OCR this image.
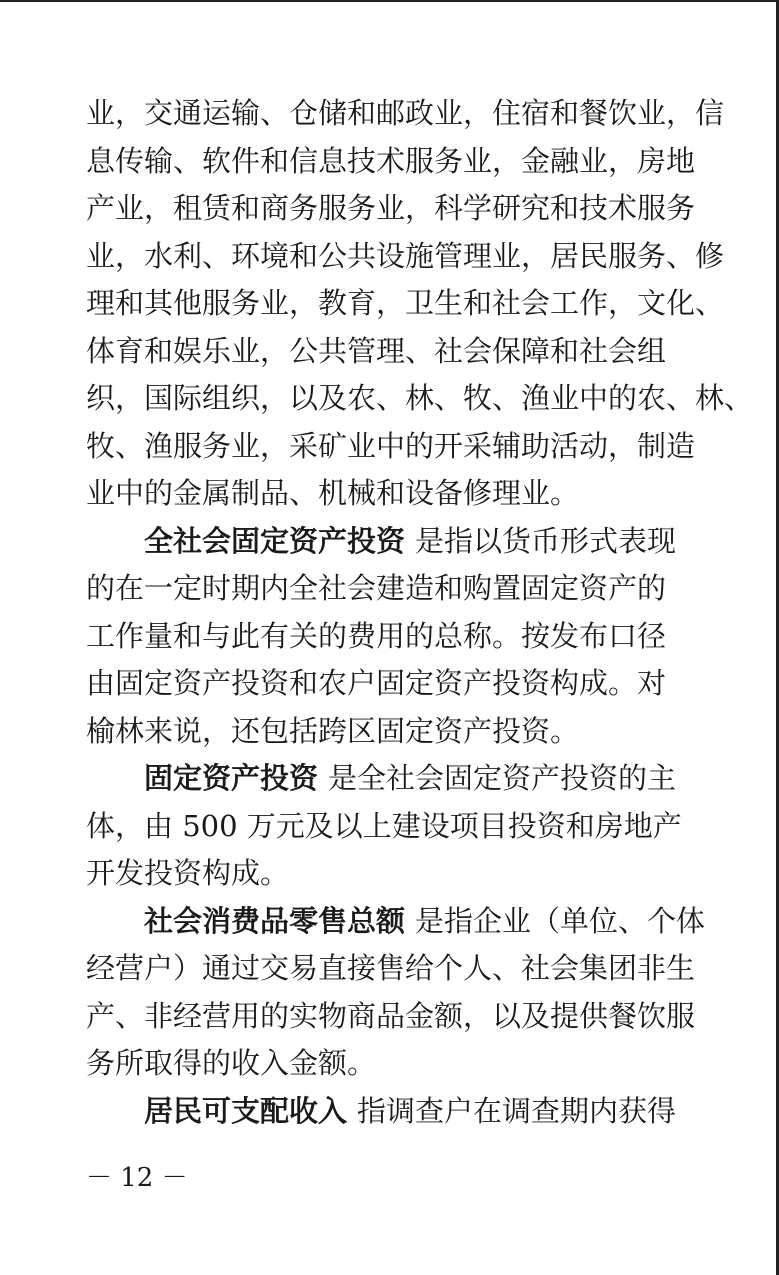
业，交通运输、仓储和邮政业，住宿和餐饮业，信
息传输、软件和信息技术服务业，金融业，房地
产业，租赁和商务服务业，科学研究和技术服务
业，水利、环境和公共设施管理业，居民服务、修
理和其他服务业，教育，卫生和社会工作，文化、
体育和娱乐业，公共管理、社会保障和社会组
织，国际组织，以及农、林、牧、渔业中的农、林、
牧、渔服务业，采矿业中的开采辅助活动，制造
业中的金属制品、机械和设备修理业。
全社会固定资产投资 是指以货币形式表现
的在一定时期内全社会建造和购置固定资产的
工作量和与此有关的费用的总称。按发布口径
由固定资产投资和农户固定资产投资构成。对
榆林来说，还包括跨区固定资产投资。
固定资产投资 是全社会固定资产投资的主
体，由 500 万元及以上建设项目投资和房地产
开发投资构成。
社会消费品零售总额 是指企业（单位、个体
经营户）通过交易直接售给个人、社会集团非生
产、非经营用的实物商品金额，以及提供餐饮服
务所取得的收入金额。
居民可支配收入 指调查户在调查期内获得
－ 12 －
